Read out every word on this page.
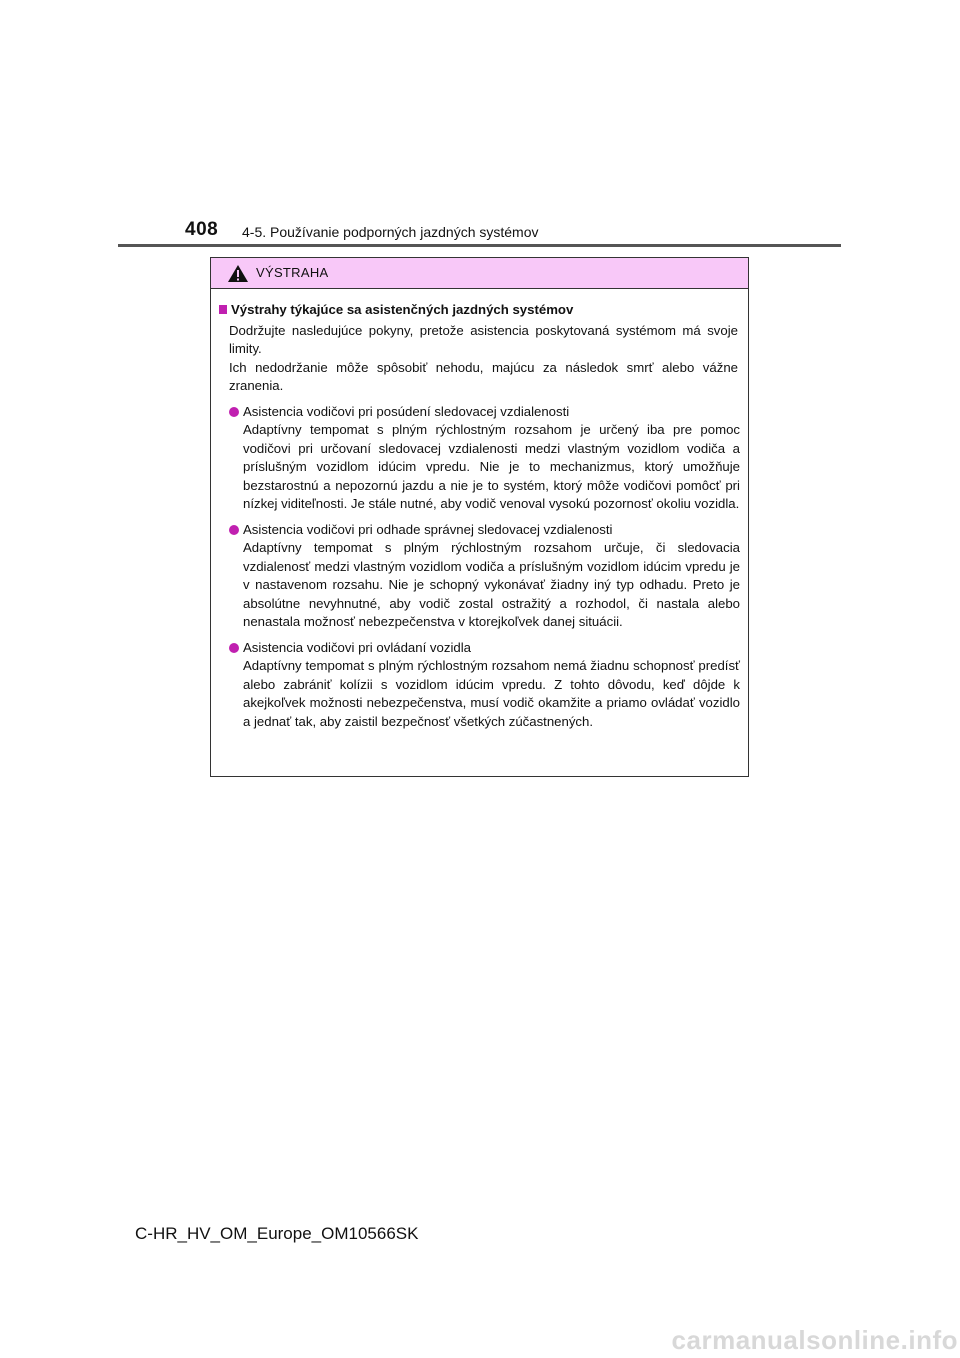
408 4-5. Používanie podporných jazdných systémov
VÝSTRAHA
Výstrahy týkajúce sa asistenčných jazdných systémov
Dodržujte nasledujúce pokyny, pretože asistencia poskytovaná systémom má svoje limity.
Ich nedodržanie môže spôsobiť nehodu, majúcu za následok smrť alebo vážne zranenia.
Asistencia vodičovi pri posúdení sledovacej vzdialenosti
Adaptívny tempomat s plným rýchlostným rozsahom je určený iba pre pomoc vodičovi pri určovaní sledovacej vzdialenosti medzi vlastným vozidlom vodiča a príslušným vozidlom idúcim vpredu. Nie je to mechanizmus, ktorý umožňuje bezstarostnú a nepozornú jazdu a nie je to systém, ktorý môže vodičovi pomôcť pri nízkej viditeľnosti. Je stále nutné, aby vodič venoval vysokú pozornosť okoliu vozidla.
Asistencia vodičovi pri odhade správnej sledovacej vzdialenosti
Adaptívny tempomat s plným rýchlostným rozsahom určuje, či sledovacia vzdialenosť medzi vlastným vozidlom vodiča a príslušným vozidlom idúcim vpredu je v nastavenom rozsahu. Nie je schopný vykonávať žiadny iný typ odhadu. Preto je absolútne nevyhnutné, aby vodič zostal ostražitý a rozhodol, či nastala alebo nenastala možnosť nebezpečenstva v ktorejkoľvek danej situácii.
Asistencia vodičovi pri ovládaní vozidla
Adaptívny tempomat s plným rýchlostným rozsahom nemá žiadnu schopnosť predísť alebo zabrániť kolízii s vozidlom idúcim vpredu. Z tohto dôvodu, keď dôjde k akejkoľvek možnosti nebezpečenstva, musí vodič okamžite a priamo ovládať vozidlo a jednať tak, aby zaistil bezpečnosť všetkých zúčastnených.
C-HR_HV_OM_Europe_OM10566SK
carmanualsonline.info
